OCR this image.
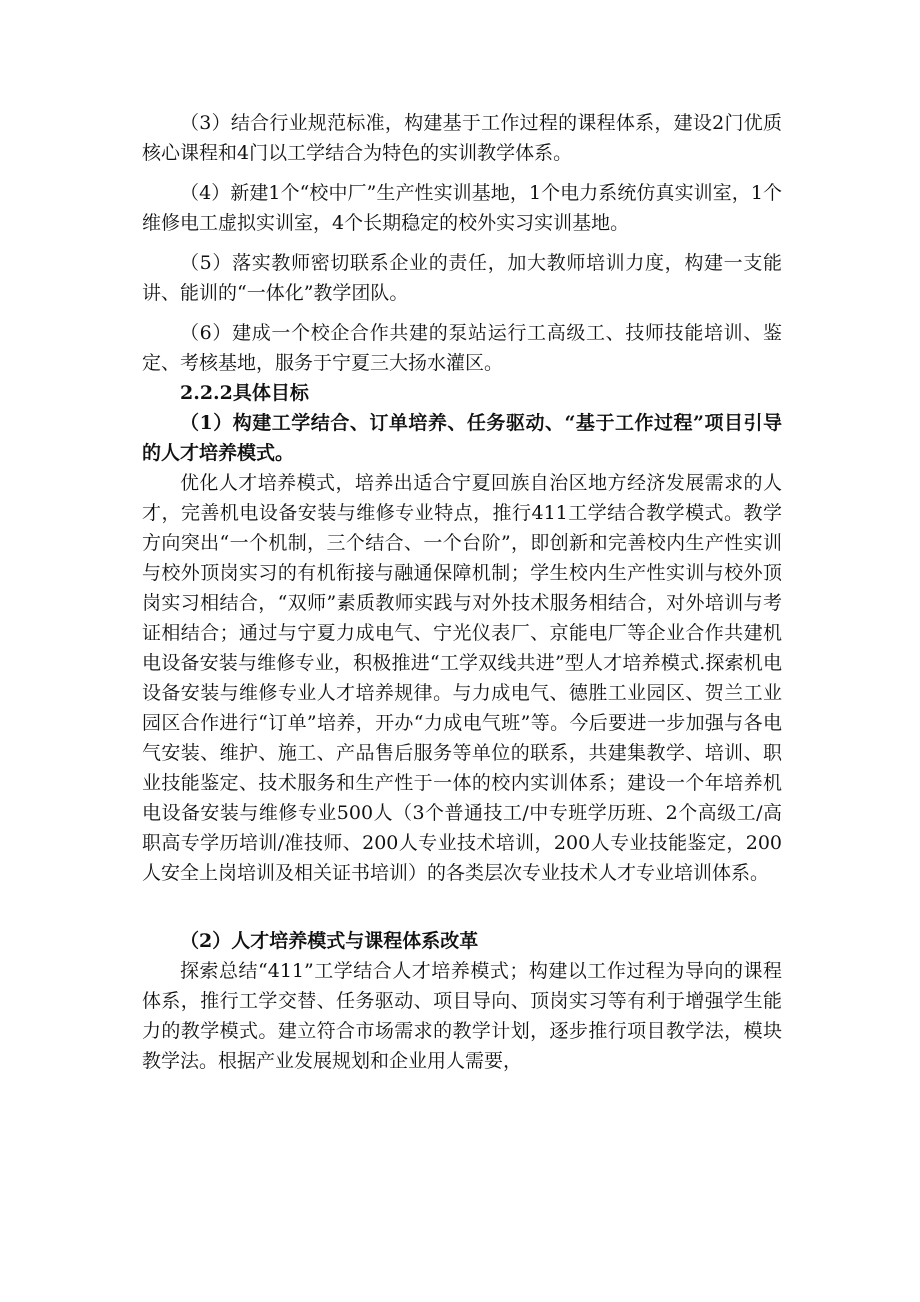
（3）结合行业规范标准，构建基于工作过程的课程体系，建设2门优质核心课程和4门以工学结合为特色的实训教学体系。

（4）新建1个“校中厂”生产性实训基地，1个电力系统仿真实训室，1个维修电工虚拟实训室，4个长期稳定的校外实习实训基地。

（5）落实教师密切联系企业的责任，加大教师培训力度，构建一支能讲、能训的“一体化”教学团队。

（6）建成一个校企合作共建的泵站运行工高级工、技师技能培训、鉴定、考核基地，服务于宁夏三大扬水灌区。

2.2.2具体目标

（1）构建工学结合、订单培养、任务驱动、“基于工作过程”项目引导的人才培养模式。

优化人才培养模式，培养出适合宁夏回族自治区地方经济发展需求的人才，完善机电设备安装与维修专业特点，推行411工学结合教学模式。教学方向突出“一个机制，三个结合、一个台阶”，即创新和完善校内生产性实训与校外顶岗实习的有机衔接与融通保障机制；学生校内生产性实训与校外顶岗实习相结合，“双师”素质教师实践与对外技术服务相结合，对外培训与考证相结合；通过与宁夏力成电气、宁光仪表厂、京能电厂等企业合作共建机电设备安装与维修专业，积极推进“工学双线共进”型人才培养模式.探索机电设备安装与维修专业人才培养规律。与力成电气、德胜工业园区、贺兰工业园区合作进行“订单”培养，开办“力成电气班”等。今后要进一步加强与各电气安装、维护、施工、产品售后服务等单位的联系，共建集教学、培训、职业技能鉴定、技术服务和生产性于一体的校内实训体系；建设一个年培养机电设备安装与维修专业500人（3个普通技工/中专班学历班、2个高级工/高职高专学历培训/准技师、200人专业技术培训，200人专业技能鉴定，200人安全上岗培训及相关证书培训）的各类层次专业技术人才专业培训体系。

（2）人才培养模式与课程体系改革

探索总结“411”工学结合人才培养模式；构建以工作过程为导向的课程体系，推行工学交替、任务驱动、项目导向、顶岗实习等有利于增强学生能力的教学模式。建立符合市场需求的教学计划，逐步推行项目教学法，模块教学法。根据产业发展规划和企业用人需要，
